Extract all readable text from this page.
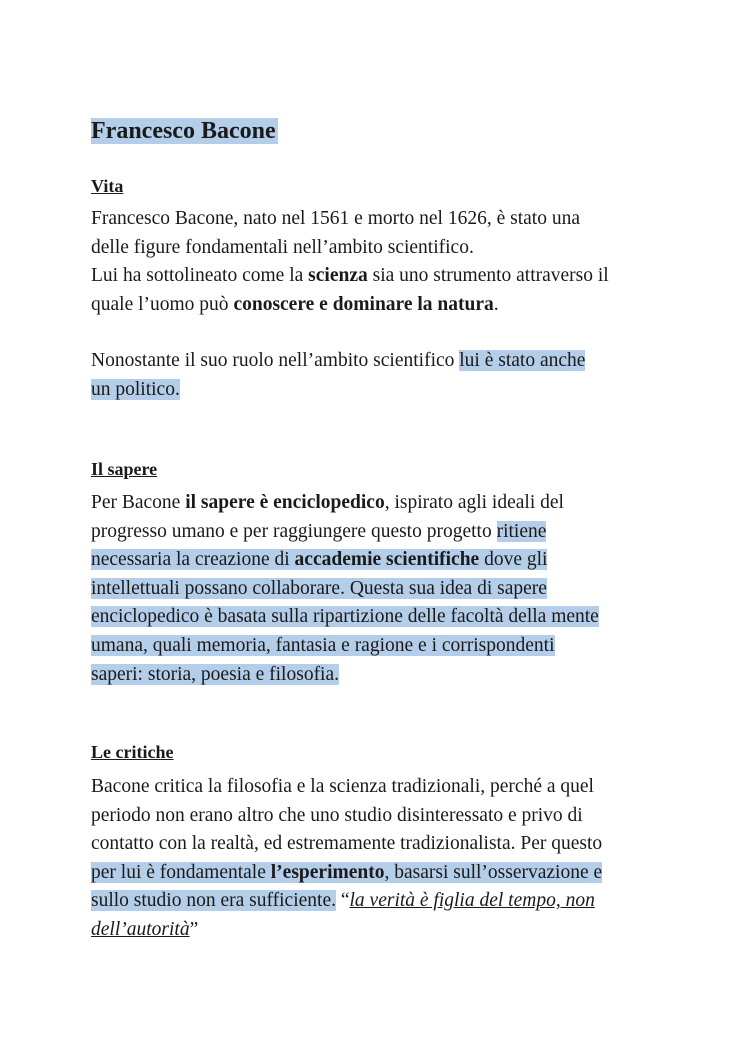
Francesco Bacone
Vita

Francesco Bacone, nato nel 1561 e morto nel 1626, è stato una
delle figure fondamentali nell’ambito scientifico.
Lui ha sottolineato come la scienza sia uno strumento attraverso il
quale l’uomo può conoscere e dominare la natura.

Nonostante il suo ruolo nell’ambito scientifico lui è stato anche
un politico.

Il sapere

Per Bacone il sapere è enciclopedico, ispirato agli ideali del
progresso umano e per raggiungere questo progetto ritiene
necessaria la creazione di accademie scientifiche dove gli
intellettuali possano collaborare. Questa sua idea di sapere
enciclopedico è basata sulla ripartizione delle facoltà della mente
umana, quali memoria, fantasia e ragione e i corrispondenti
saperi: storia, poesia e filosofia.

Le critiche

Bacone critica la filosofia e la scienza tradizionali, perché a quel
periodo non erano altro che uno studio disinteressato e privo di
contatto con la realtà, ed estremamente tradizionalista. Per questo
per lui è fondamentale l’esperimento, basarsi sull’osservazione e
sullo studio non era sufficiente. “la verità è figlia del tempo, non
dell’autorità”
